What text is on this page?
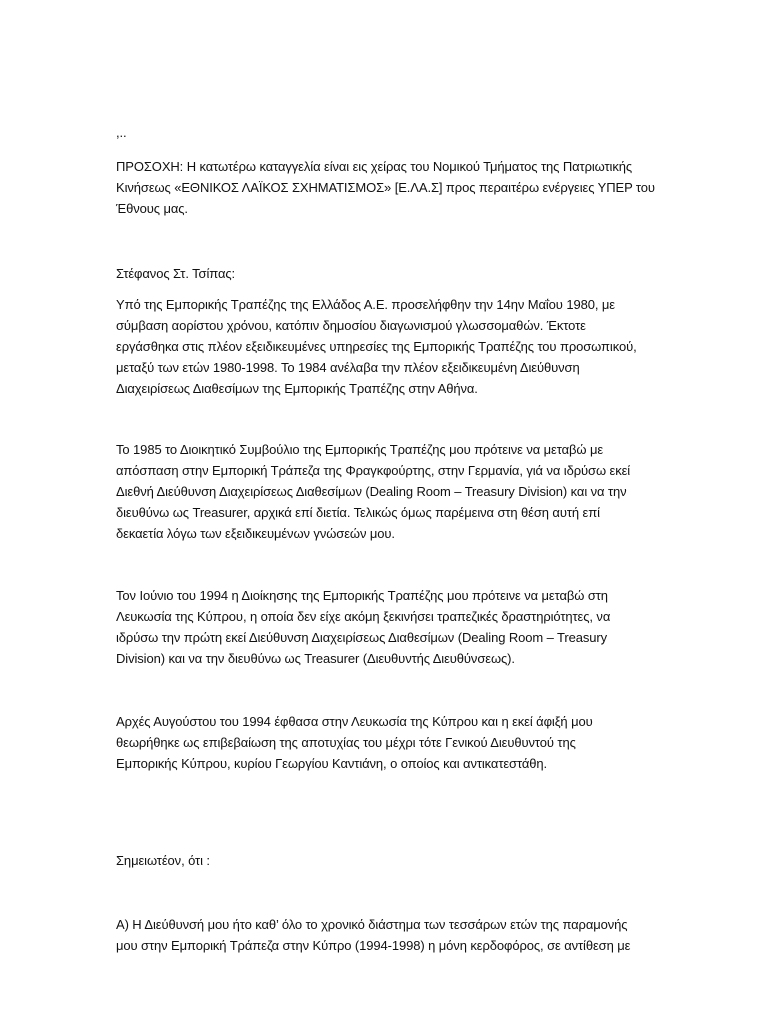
,..
ΠΡΟΣΟΧΗ: Η κατωτέρω καταγγελία είναι εις χείρας του Νομικού Τμήματος της Πατριωτικής
Κινήσεως «ΕΘΝΙΚΟΣ ΛΑΪΚΟΣ ΣΧΗΜΑΤΙΣΜΟΣ» [Ε.ΛΑ.Σ] προς περαιτέρω ενέργειες ΥΠΕΡ του
Έθνους μας.
Στέφανος Στ. Τσίπας:
Υπό της Εμπορικής Τραπέζης της Ελλάδος Α.Ε. προσελήφθην την 14ην Μαΐου 1980, με
σύμβαση αορίστου χρόνου, κατόπιν δημοσίου διαγωνισμού γλωσσομαθών. Έκτοτε
εργάσθηκα στις πλέον εξειδικευμένες υπηρεσίες της Εμπορικής Τραπέζης του προσωπικού,
μεταξύ των ετών 1980-1998. Το 1984 ανέλαβα την πλέον εξειδικευμένη Διεύθυνση
Διαχειρίσεως Διαθεσίμων της Εμπορικής Τραπέζης στην Αθήνα.
Το 1985 το Διοικητικό Συμβούλιο της Εμπορικής Τραπέζης μου πρότεινε να μεταβώ με
απόσπαση στην Εμπορική Τράπεζα της Φραγκφούρτης, στην Γερμανία, γιά να ιδρύσω εκεί
Διεθνή Διεύθυνση Διαχειρίσεως Διαθεσίμων (Dealing Room – Treasury Division) και να την
διευθύνω ως Treasurer, αρχικά επί διετία. Τελικώς όμως παρέμεινα στη θέση αυτή επί
δεκαετία λόγω των εξειδικευμένων γνώσεών μου.
Τον Ιούνιο του 1994 η Διοίκησης της Εμπορικής Τραπέζης μου πρότεινε να μεταβώ στη
Λευκωσία της Κύπρου, η οποία δεν είχε ακόμη ξεκινήσει τραπεζικές δραστηριότητες, να
ιδρύσω την πρώτη εκεί Διεύθυνση Διαχειρίσεως Διαθεσίμων (Dealing Room – Treasury
Division) και να την διευθύνω ως Treasurer (Διευθυντής Διευθύνσεως).
Αρχές Αυγούστου του 1994 έφθασα στην Λευκωσία της Κύπρου και η εκεί άφιξή μου
θεωρήθηκε ως επιβεβαίωση της αποτυχίας του μέχρι τότε Γενικού Διευθυντού της
Εμπορικής Κύπρου, κυρίου Γεωργίου Καντιάνη, ο οποίος και αντικατεστάθη.
Σημειωτέον, ότι :
Α) Η Διεύθυνσή μου ήτο καθ’ όλο το χρονικό διάστημα των τεσσάρων ετών της παραμονής
μου στην Εμπορική Τράπεζα στην Κύπρο (1994-1998) η μόνη κερδοφόρος, σε αντίθεση με
